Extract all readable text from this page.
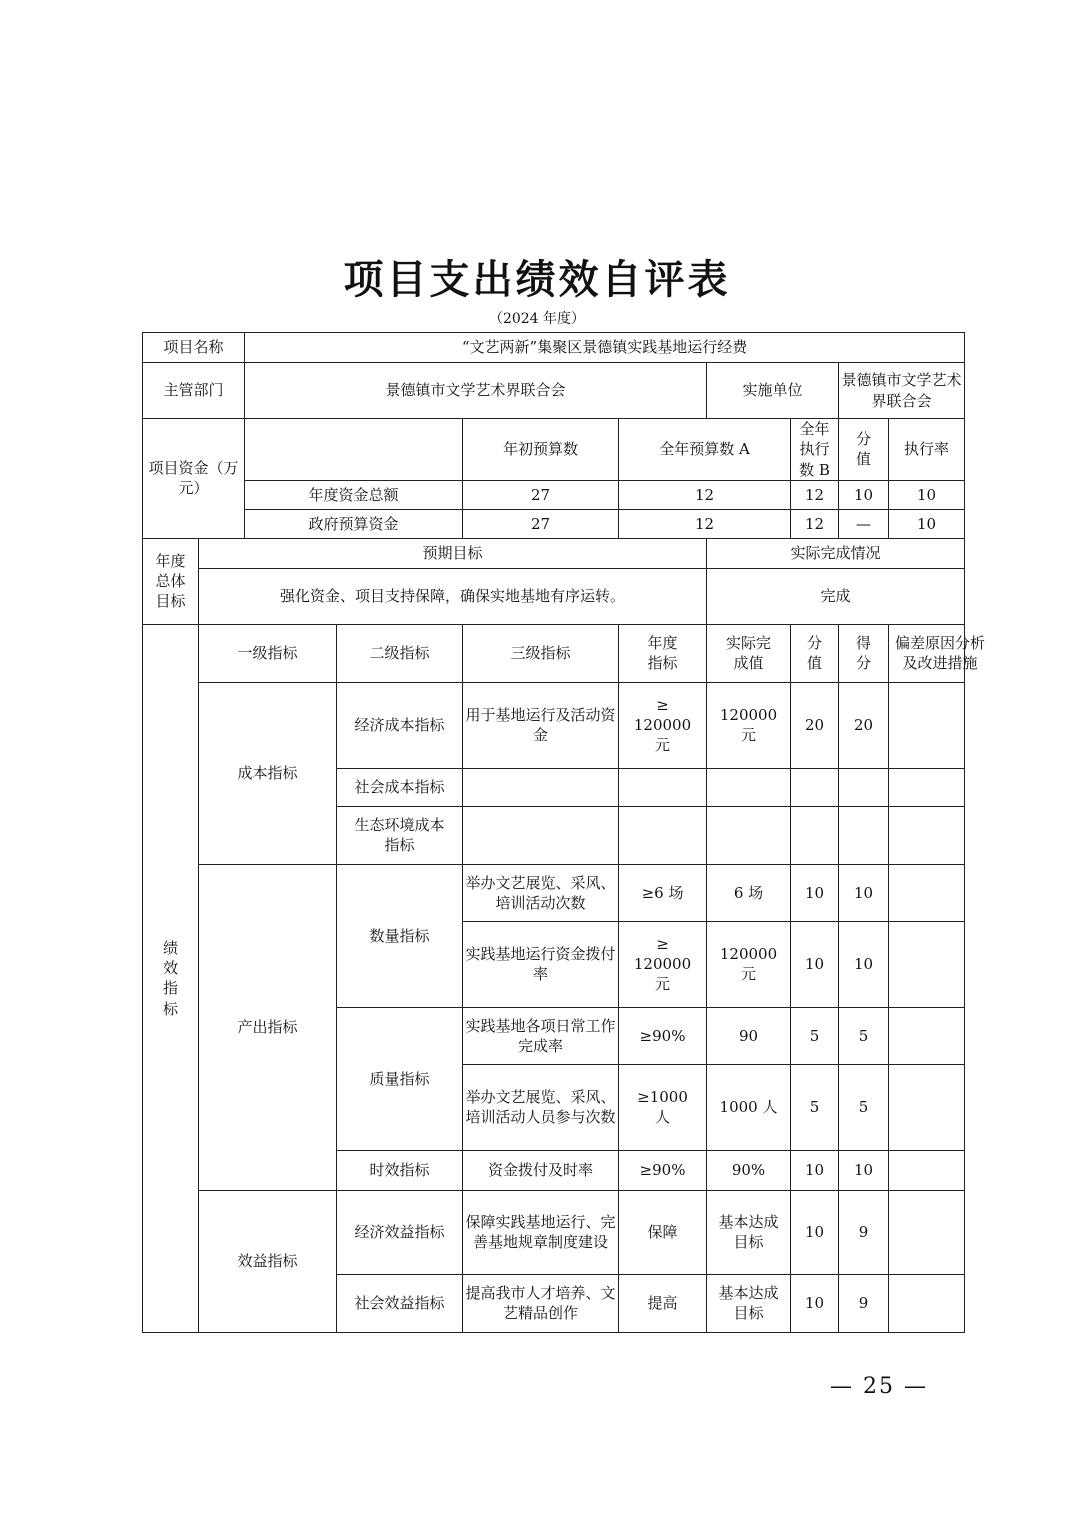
项目支出绩效自评表
（2024 年度）
项目名称		“文艺两新”集聚区景德镇实践基地运行经费								
主管部门		景德镇市文学艺术界联合会				实施单位		景德镇市文学艺术界联合会		
项目资金（万元）				年初预算数	全年预算数 A		全年执行数 B	分值	执行率	
		年度资金总额		27	12		12	10	10	
		政府预算资金		27	12		12	—	10	
年度总体目标	预期目标					实际完成情况				
	强化资金、项目支持保障，确保实地基地有序运转。					完成				
绩效指标	一级指标		二级指标	三级指标	年度指标	实际完成值	分值	得分	偏差原因分析及改进措施	
	成本指标		经济成本指标	用于基地运行及活动资金	≥ 120000 元	120000 元	20	20		
			社会成本指标							
			生态环境成本指标							
	产出指标		数量指标	举办文艺展览、采风、培训活动次数	≥6 场	6 场	10	10		
				实践基地运行资金拨付率	≥ 120000 元	120000 元	10	10		
			质量指标	实践基地各项日常工作完成率	≥90%	90	5	5		
				举办文艺展览、采风、培训活动人员参与次数	≥1000 人	1000 人	5	5		
			时效指标	资金拨付及时率	≥90%	90%	10	10		
	效益指标		经济效益指标	保障实践基地运行、完善基地规章制度建设	保障	基本达成目标	10	9		
			社会效益指标	提高我市人才培养、文艺精品创作	提高	基本达成目标	10	9		
— 25 —
